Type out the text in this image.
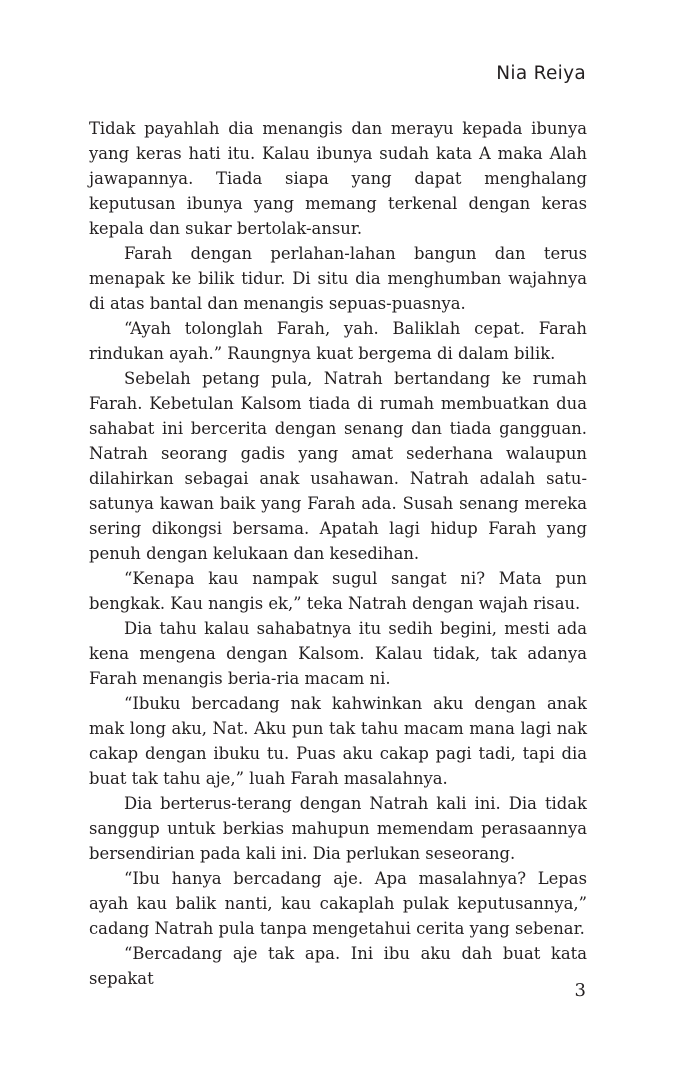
Nia Reiya

Tidak payahlah dia menangis dan merayu kepada ibunya yang keras hati itu. Kalau ibunya sudah kata A maka Alah jawapannya. Tiada siapa yang dapat menghalang keputusan ibunya yang memang terkenal dengan keras kepala dan sukar bertolak-ansur.

Farah dengan perlahan-lahan bangun dan terus menapak ke bilik tidur. Di situ dia menghumban wajahnya di atas bantal dan menangis sepuas-puasnya.

“Ayah tolonglah Farah, yah. Baliklah cepat. Farah rindukan ayah.” Raungnya kuat bergema di dalam bilik.

Sebelah petang pula, Natrah bertandang ke rumah Farah. Kebetulan Kalsom tiada di rumah membuatkan dua sahabat ini bercerita dengan senang dan tiada gangguan. Natrah seorang gadis yang amat sederhana walaupun dilahirkan sebagai anak usahawan. Natrah adalah satu-satunya kawan baik yang Farah ada. Susah senang mereka sering dikongsi bersama. Apatah lagi hidup Farah yang penuh dengan kelukaan dan kesedihan.

“Kenapa kau nampak sugul sangat ni? Mata pun bengkak. Kau nangis ek,” teka Natrah dengan wajah risau.

Dia tahu kalau sahabatnya itu sedih begini, mesti ada kena mengena dengan Kalsom. Kalau tidak, tak adanya Farah menangis beria-ria macam ni.

“Ibuku bercadang nak kahwinkan aku dengan anak mak long aku, Nat. Aku pun tak tahu macam mana lagi nak cakap dengan ibuku tu. Puas aku cakap pagi tadi, tapi dia buat tak tahu aje,” luah Farah masalahnya.

Dia berterus-terang dengan Natrah kali ini. Dia tidak sanggup untuk berkias mahupun memendam perasaannya bersendirian pada kali ini. Dia perlukan seseorang.

“Ibu hanya bercadang aje. Apa masalahnya? Lepas ayah kau balik nanti, kau cakaplah pulak keputusannya,” cadang Natrah pula tanpa mengetahui cerita yang sebenar.

“Bercadang aje tak apa. Ini ibu aku dah buat kata sepakat

3
